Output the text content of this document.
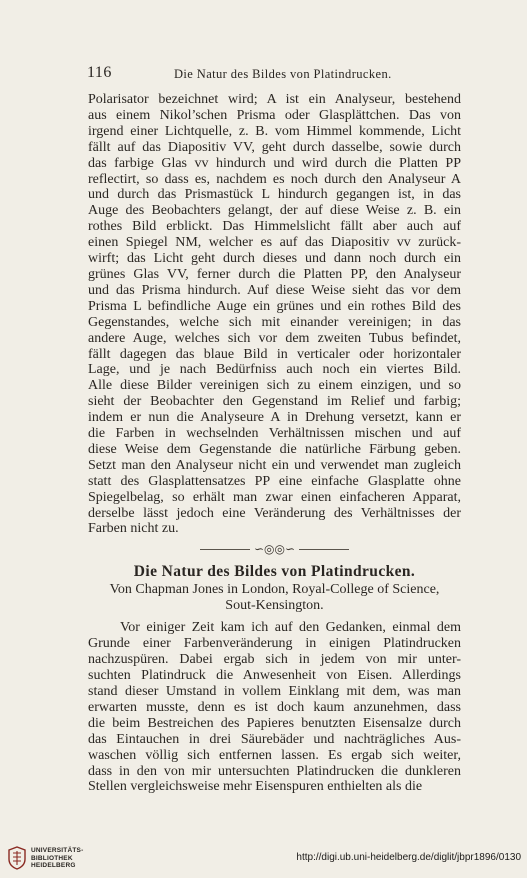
116	Die Natur des Bildes von Platindrucken.

Polarisator bezeichnet wird; A ist ein Analyseur, bestehend

aus einem Nikol’schen Prisma oder Glasplättchen. Das von

irgend einer Lichtquelle, z. B. vom Himmel kommende, Licht

fällt auf das Diapositiv VV, geht durch dasselbe, sowie durch

das farbige Glas vv hindurch und wird durch die Platten PP

reflectirt, so dass es, nachdem es noch durch den Analyseur A

und durch das Prismastück L hindurch gegangen ist, in das

Auge des Beobachters gelangt, der auf diese Weise z. B. ein

rothes Bild erblickt. Das Himmelslicht fällt aber auch auf

einen Spiegel NM, welcher es auf das Diapositiv vv zurück-

wirft; das Licht geht durch dieses und dann noch durch ein

grünes Glas VV, ferner durch die Platten PP, den Analyseur

und das Prisma hindurch. Auf diese Weise sieht das vor dem

Prisma L befindliche Auge ein grünes und ein rothes Bild des

Gegenstandes, welche sich mit einander vereinigen; in das

andere Auge, welches sich vor dem zweiten Tubus befindet,

fällt dagegen das blaue Bild in verticaler oder horizontaler

Lage, und je nach Bedürfniss auch noch ein viertes Bild.

Alle diese Bilder vereinigen sich zu einem einzigen, und so

sieht der Beobachter den Gegenstand im Relief und farbig;

indem er nun die Analyseure A in Drehung versetzt, kann er

die Farben in wechselnden Verhältnissen mischen und auf

diese Weise dem Gegenstande die natürliche Färbung geben.

Setzt man den Analyseur nicht ein und verwendet man zugleich

statt des Glasplattensatzes PP eine einfache Glasplatte ohne

Spiegelbelag, so erhält man zwar einen einfacheren Apparat,

derselbe lässt jedoch eine Veränderung des Verhältnisses der

Farben nicht zu.

∽◎◎∽
Die Natur des Bildes von Platindrucken.
Von Chapman Jones in London, Royal-College of Science,
Sout-Kensington.

Vor einiger Zeit kam ich auf den Gedanken, einmal dem

Grunde einer Farbenveränderung in einigen Platindrucken

nachzuspüren. Dabei ergab sich in jedem von mir unter-

suchten Platindruck die Anwesenheit von Eisen. Allerdings

stand dieser Umstand in vollem Einklang mit dem, was man

erwarten musste, denn es ist doch kaum anzunehmen, dass

die beim Bestreichen des Papieres benutzten Eisensalze durch

das Eintauchen in drei Säurebäder und nachträgliches Aus-

waschen völlig sich entfernen lassen. Es ergab sich weiter,

dass in den von mir untersuchten Platindrucken die dunkleren

Stellen vergleichsweise mehr Eisenspuren enthielten als die

UNIVERSITÄTS-
BIBLIOTHEK
HEIDELBERG
http://digi.ub.uni-heidelberg.de/diglit/jbpr1896/0130
